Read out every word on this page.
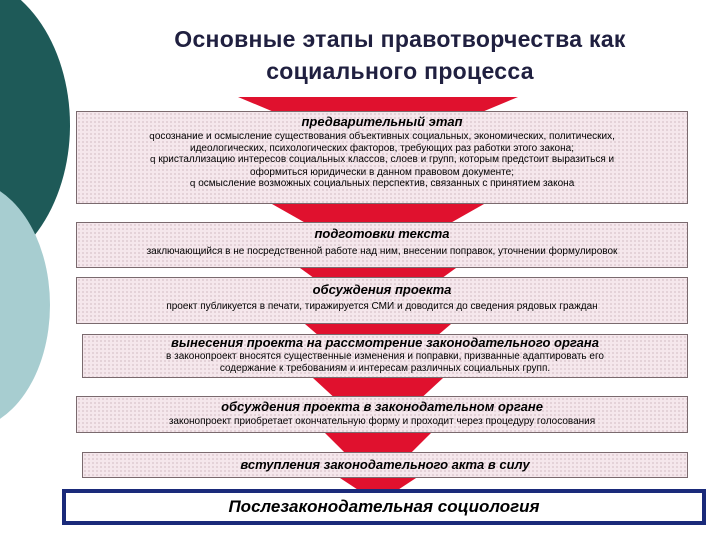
Основные этапы правотворчества как
социального процесса
предварительный этап
qосознание и осмысление существования объективных социальных, экономических, политических,
идеологических, психологических факторов, требующих раз работки этого закона;
q кристаллизацию интересов социальных классов, слоев и групп, которым предстоит выразиться и
оформиться юридически в данном правовом документе;
q осмысление возможных социальных перспектив, связанных с принятием закона
подготовки текста
заключающийся в не посредственной работе над ним, внесении поправок, уточнении формулировок
обсуждения проекта
проект публикуется в печати, тиражируется СМИ и доводится до сведения рядовых граждан
вынесения проекта на рассмотрение законодательного органа
в законопроект вносятся существенные изменения и поправки, призванные адаптировать его
содержание к требованиям и интересам различных социальных групп.
обсуждения проекта в законодательном органе
законопроект приобретает окончательную форму и проходит через процедуру голосования
вступления законодательного акта в силу
Послезаконодательная социология
